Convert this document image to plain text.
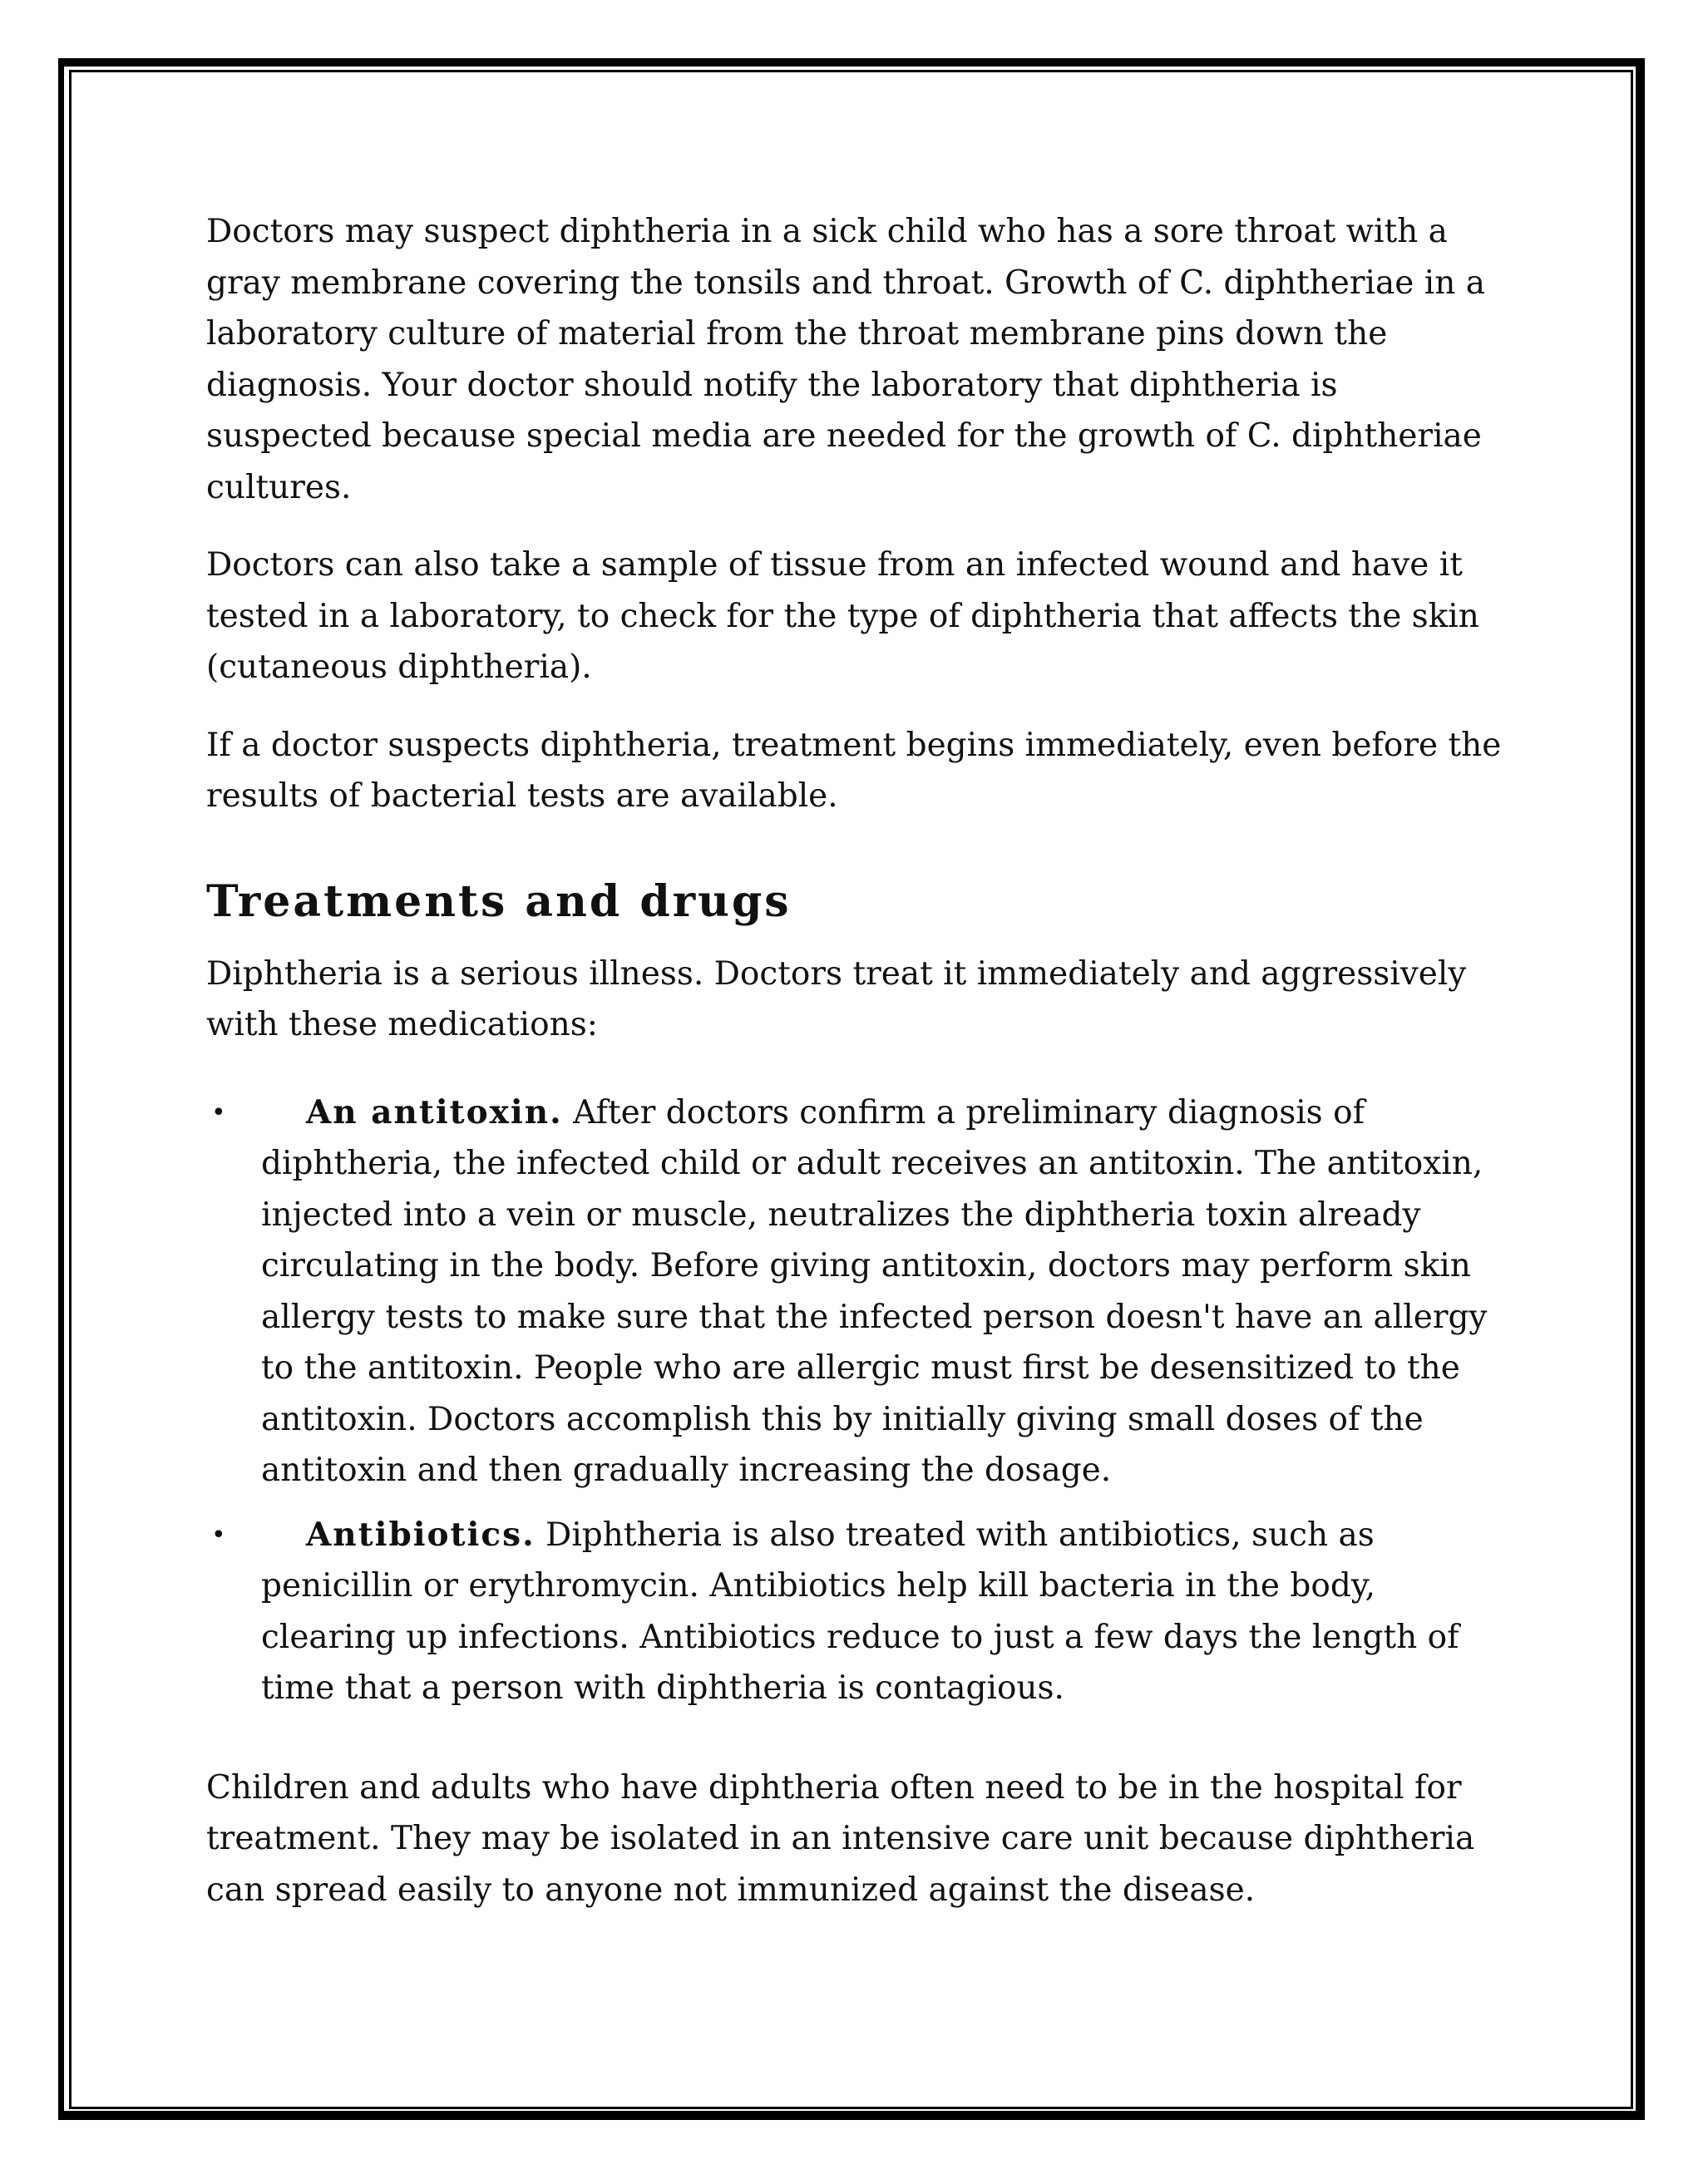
Doctors may suspect diphtheria in a sick child who has a sore throat with a gray membrane covering the tonsils and throat. Growth of C. diphtheriae in a laboratory culture of material from the throat membrane pins down the diagnosis. Your doctor should notify the laboratory that diphtheria is suspected because special media are needed for the growth of C. diphtheriae cultures.

Doctors can also take a sample of tissue from an infected wound and have it tested in a laboratory, to check for the type of diphtheria that affects the skin (cutaneous diphtheria).

If a doctor suspects diphtheria, treatment begins immediately, even before the results of bacterial tests are available.

Treatments and drugs

Diphtheria is a serious illness. Doctors treat it immediately and aggressively with these medications:

• An antitoxin. After doctors confirm a preliminary diagnosis of diphtheria, the infected child or adult receives an antitoxin. The antitoxin, injected into a vein or muscle, neutralizes the diphtheria toxin already circulating in the body. Before giving antitoxin, doctors may perform skin allergy tests to make sure that the infected person doesn't have an allergy to the antitoxin. People who are allergic must first be desensitized to the antitoxin. Doctors accomplish this by initially giving small doses of the antitoxin and then gradually increasing the dosage.
• Antibiotics. Diphtheria is also treated with antibiotics, such as penicillin or erythromycin. Antibiotics help kill bacteria in the body, clearing up infections. Antibiotics reduce to just a few days the length of time that a person with diphtheria is contagious.

Children and adults who have diphtheria often need to be in the hospital for treatment. They may be isolated in an intensive care unit because diphtheria can spread easily to anyone not immunized against the disease.
